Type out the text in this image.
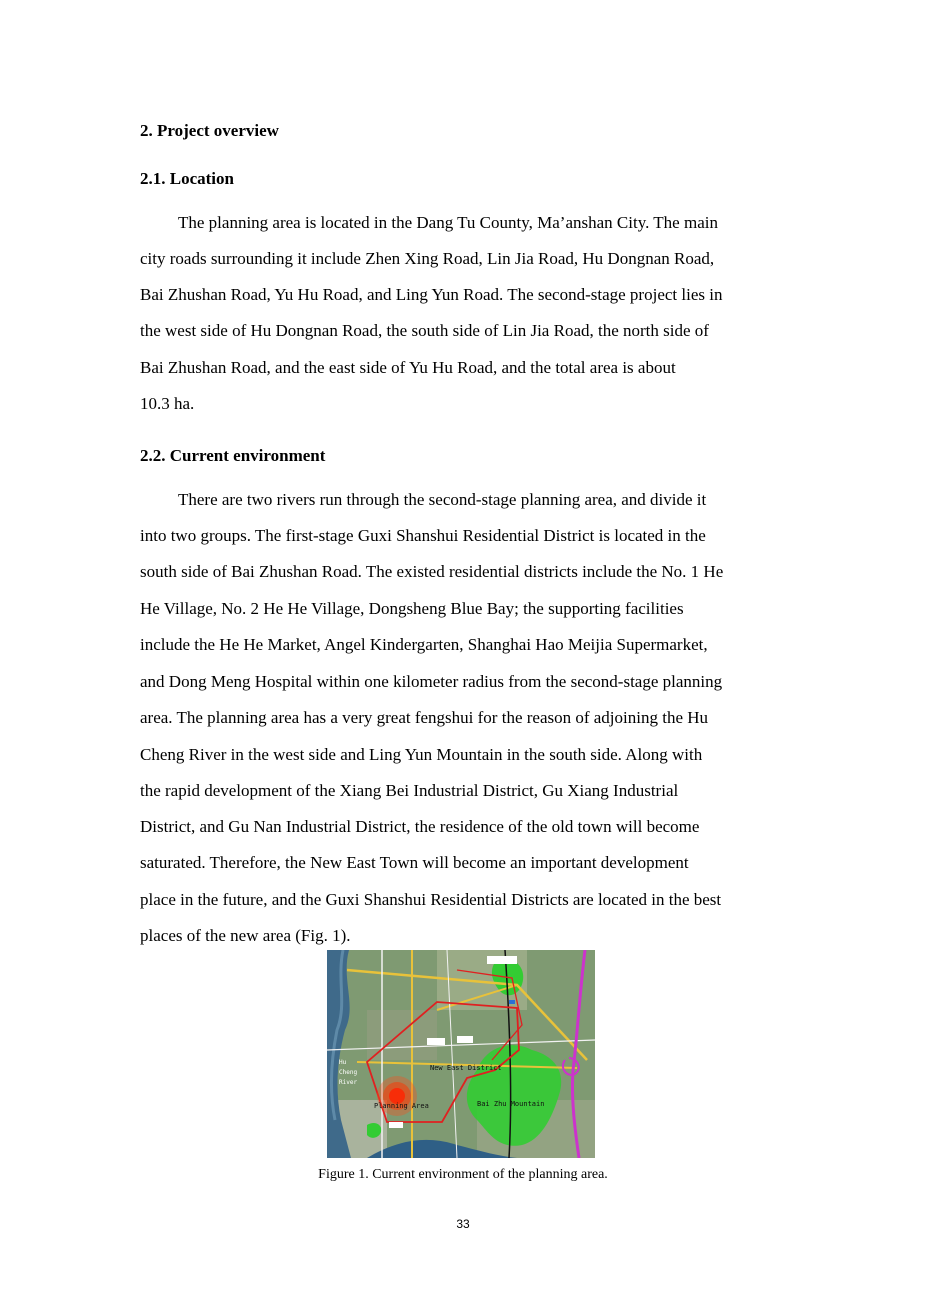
2. Project overview
2.1. Location

The planning area is located in the Dang Tu County, Ma’anshan City. The main

city roads surrounding it include Zhen Xing Road, Lin Jia Road, Hu Dongnan Road,

Bai Zhushan Road, Yu Hu Road, and Ling Yun Road. The second-stage project lies in

the west side of Hu Dongnan Road, the south side of Lin Jia Road, the north side of

Bai Zhushan Road, and the east side of Yu Hu Road, and the total area is about

10.3 ha.

2.2. Current environment

There are two rivers run through the second-stage planning area, and divide it

into two groups. The first-stage Guxi Shanshui Residential District is located in the

south side of Bai Zhushan Road. The existed residential districts include the No. 1 He

He Village, No. 2 He He Village, Dongsheng Blue Bay; the supporting facilities

include the He He Market, Angel Kindergarten, Shanghai Hao Meijia Supermarket,

and Dong Meng Hospital within one kilometer radius from the second-stage planning

area. The planning area has a very great fengshui for the reason of adjoining the Hu

Cheng River in the west side and Ling Yun Mountain in the south side. Along with

the rapid development of the Xiang Bei Industrial District, Gu Xiang Industrial

District, and Gu Nan Industrial District, the residence of the old town will become

saturated. Therefore, the New East Town will become an important development

place in the future, and the Guxi Shanshui Residential Districts are located in the best

places of the new area (Fig. 1).

New East District
Bai Zhu Mountain
Hu
Cheng
River
Planning Area
Figure 1. Current environment of the planning area.
33
